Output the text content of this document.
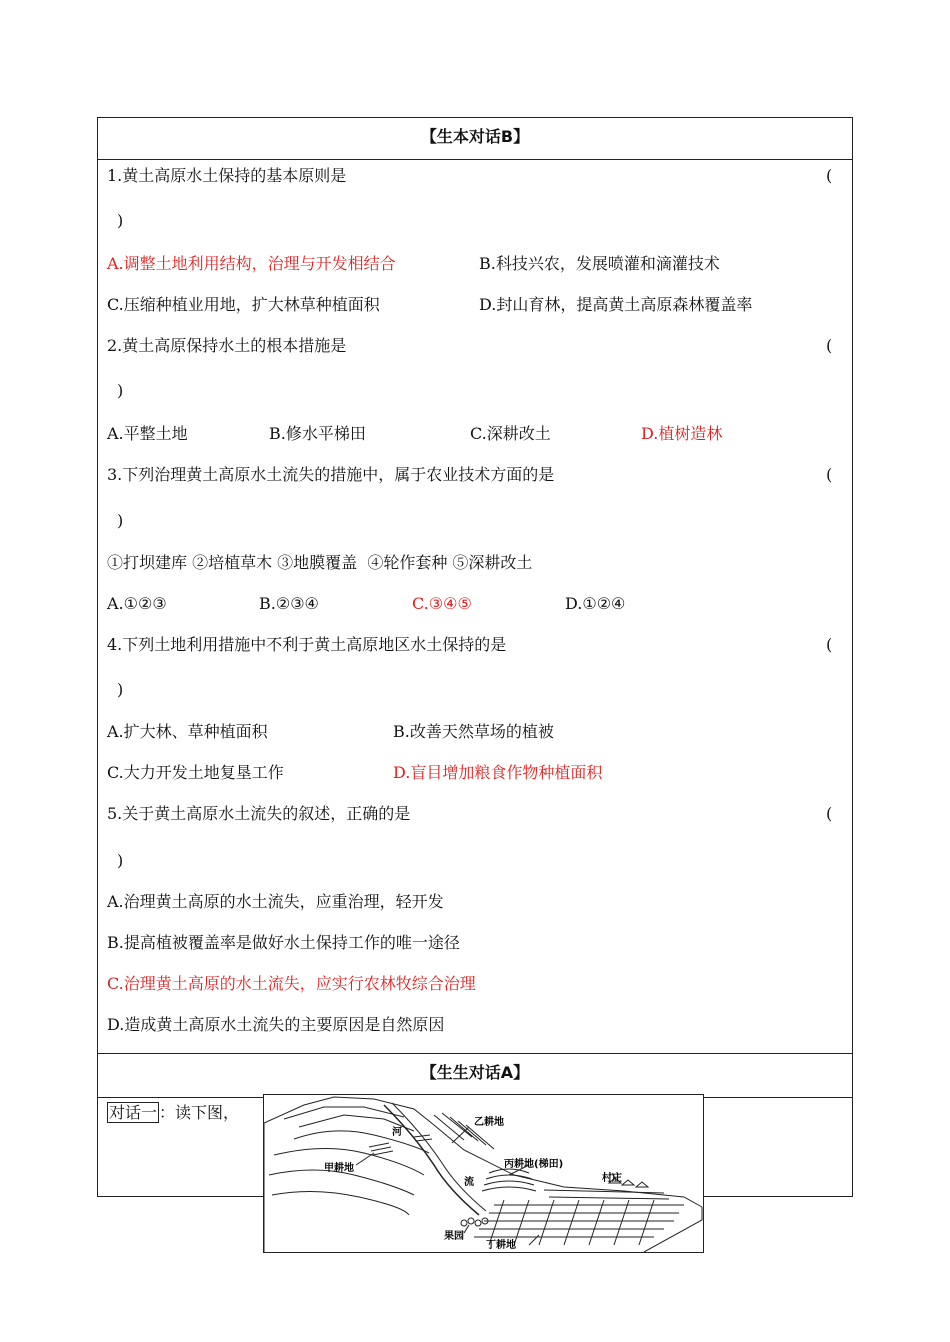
【生本对话B】
1.黄土高原水土保持的基本原则是	(
)
A.调整土地利用结构，治理与开发相结合	B.科技兴农，发展喷灌和滴灌技术
C.压缩种植业用地，扩大林草种植面积	D.封山育林，提高黄土高原森林覆盖率
2.黄土高原保持水土的根本措施是	(
)
A.平整土地	B.修水平梯田	C.深耕改土	D.植树造林
3.下列治理黄土高原水土流失的措施中，属于农业技术方面的是	(
)
①打坝建库 ②培植草木 ③地膜覆盖  ④轮作套种 ⑤深耕改土
A.①②③	B.②③④	C.③④⑤	D.①②④
4.下列土地利用措施中不利于黄土高原地区水土保持的是	(
)
A.扩大林、草种植面积	B.改善天然草场的植被
C.大力开发土地复垦工作	D.盲目增加粮食作物种植面积
5.关于黄土高原水土流失的叙述，正确的是	(
)
A.治理黄土高原的水土流失，应重治理，轻开发
B.提高植被覆盖率是做好水土保持工作的唯一途径
C.治理黄土高原的水土流失，应实行农林牧综合治理
D.造成黄土高原水土流失的主要原因是自然原因
【生生对话A】
对话一 ：读下图，
乙耕地
河
甲耕地	丙耕地(梯田)
村庄
流
果园
丁耕地
